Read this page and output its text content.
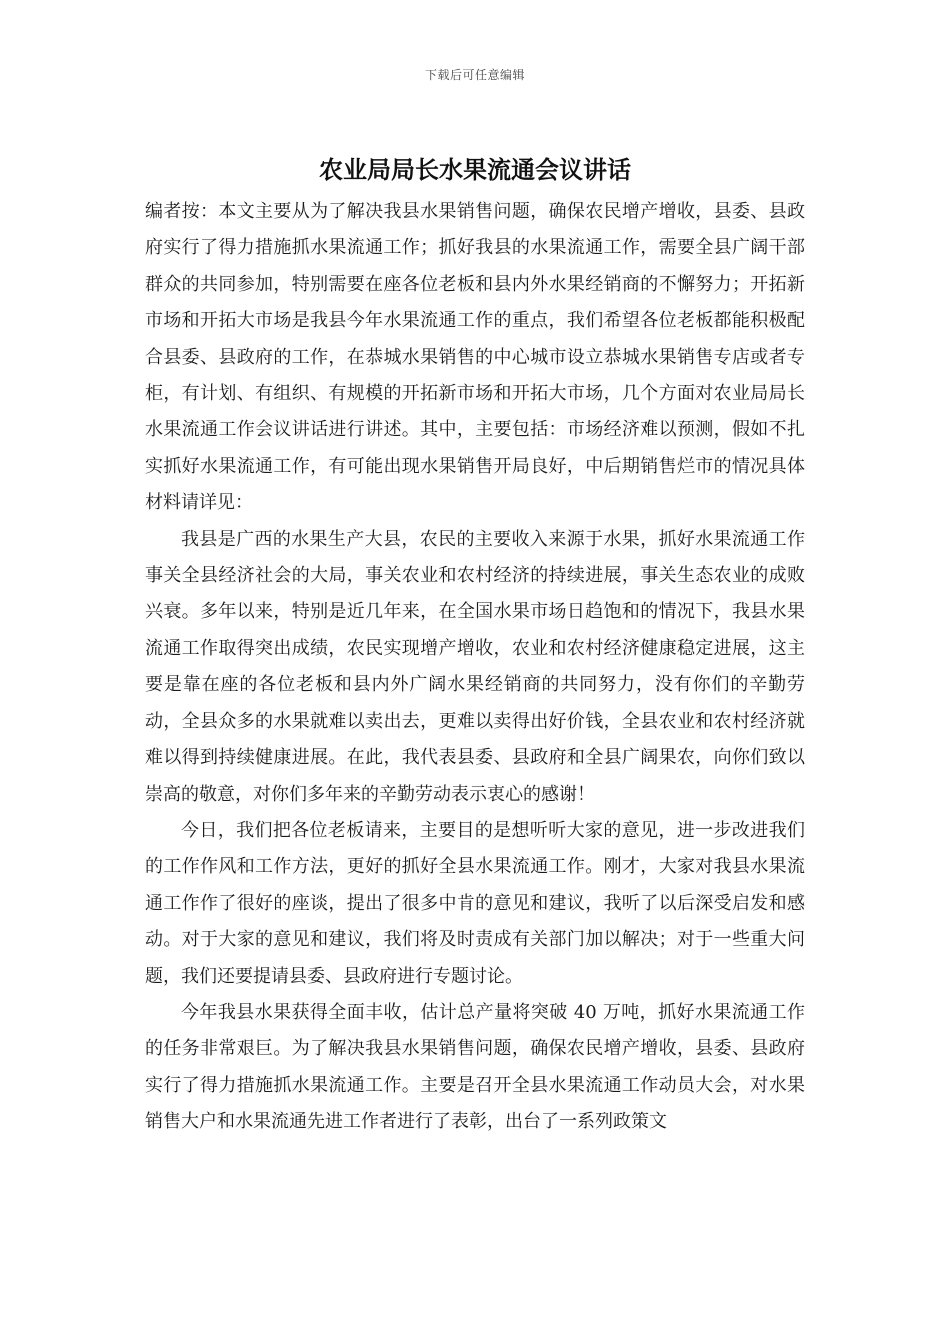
下载后可任意编辑
农业局局长水果流通会议讲话

编者按：本文主要从为了解决我县水果销售问题，确保农民增产增收，县委、县政府实行了得力措施抓水果流通工作；抓好我县的水果流通工作，需要全县广阔干部群众的共同参加，特别需要在座各位老板和县内外水果经销商的不懈努力；开拓新市场和开拓大市场是我县今年水果流通工作的重点，我们希望各位老板都能积极配合县委、县政府的工作，在恭城水果销售的中心城市设立恭城水果销售专店或者专柜，有计划、有组织、有规模的开拓新市场和开拓大市场，几个方面对农业局局长水果流通工作会议讲话进行讲述。其中，主要包括：市场经济难以预测，假如不扎实抓好水果流通工作，有可能出现水果销售开局良好，中后期销售烂市的情况具体材料请详见：

我县是广西的水果生产大县，农民的主要收入来源于水果，抓好水果流通工作事关全县经济社会的大局，事关农业和农村经济的持续进展，事关生态农业的成败兴衰。多年以来，特别是近几年来，在全国水果市场日趋饱和的情况下，我县水果流通工作取得突出成绩，农民实现增产增收，农业和农村经济健康稳定进展，这主要是靠在座的各位老板和县内外广阔水果经销商的共同努力，没有你们的辛勤劳动，全县众多的水果就难以卖出去，更难以卖得出好价钱，全县农业和农村经济就难以得到持续健康进展。在此，我代表县委、县政府和全县广阔果农，向你们致以崇高的敬意，对你们多年来的辛勤劳动表示衷心的感谢！

今日，我们把各位老板请来，主要目的是想听听大家的意见，进一步改进我们的工作作风和工作方法，更好的抓好全县水果流通工作。刚才，大家对我县水果流通工作作了很好的座谈，提出了很多中肯的意见和建议，我听了以后深受启发和感动。对于大家的意见和建议，我们将及时责成有关部门加以解决；对于一些重大问题，我们还要提请县委、县政府进行专题讨论。

今年我县水果获得全面丰收，估计总产量将突破 40 万吨，抓好水果流通工作的任务非常艰巨。为了解决我县水果销售问题，确保农民增产增收，县委、县政府实行了得力措施抓水果流通工作。主要是召开全县水果流通工作动员大会，对水果销售大户和水果流通先进工作者进行了表彰，出台了一系列政策文
